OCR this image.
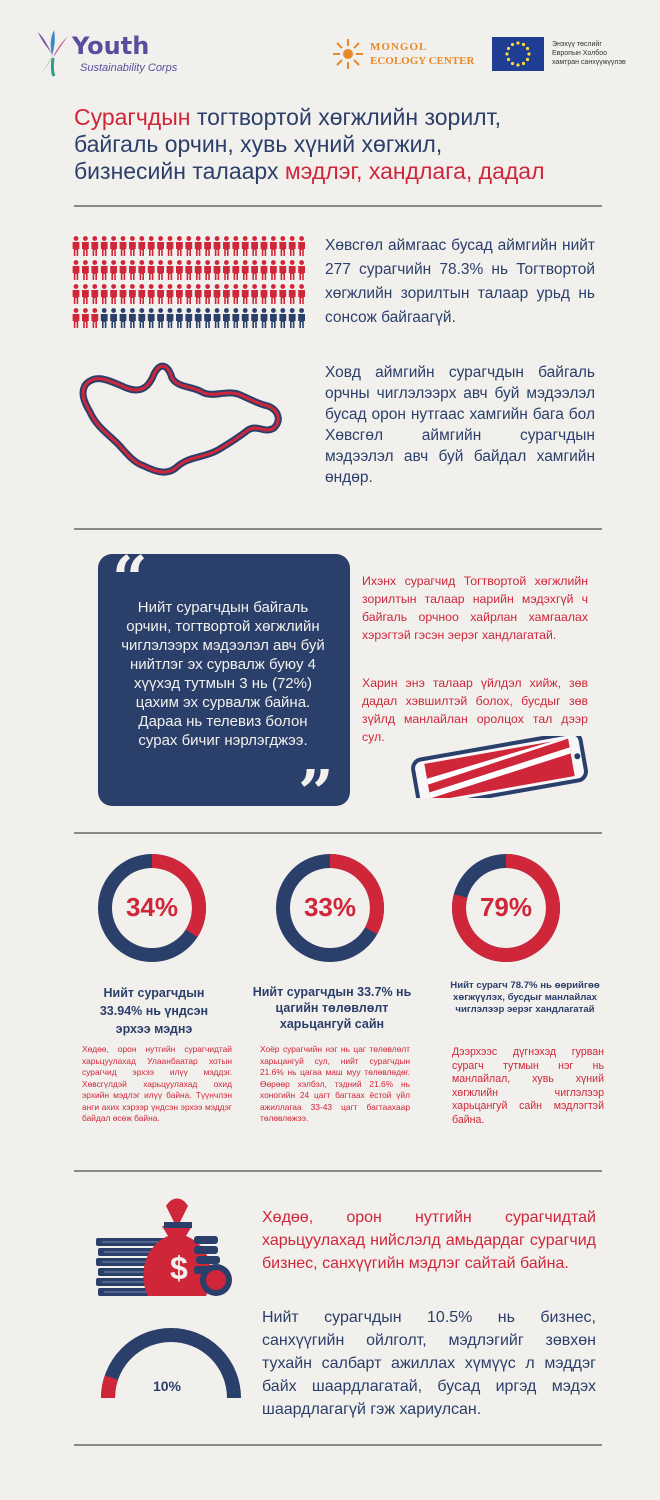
Youth
Sustainability Corps
MONGOL
ECOLOGY CENTER
Энэхүү төслийг
Европын Холбоо
хамтран санхүүжүүлэв
Сурагчдын тогтвортой хөгжлийн зорилт,
байгаль орчин, хувь хүний хөгжил,
бизнесийн талаарх мэдлэг, хандлага, дадал
Хөвсгөл аймгаас бусад аймгийн нийт 277 сурагчийн 78.3% нь Тогтвортой хөгжлийн зорилтын талаар урьд нь сонсож байгаагүй.
Ховд аймгийн сурагчдын байгаль орчны чиглэлээрх авч буй мэдээлэл бусад орон нутгаас хамгийн бага бол Хөвсгөл аймгийн сурагчдын мэдээлэл авч буй байдал хамгийн өндөр.
“
Нийт сурагчдын байгаль орчин, тогтвортой хөгжлийн чиглэлээрх мэдээлэл авч буй нийтлэг эх сурвалж буюу 4 хүүхэд тутмын 3 нь (72%) цахим эх сурвалж байна. Дараа нь телевиз болон сурах бичиг нэрлэгджээ.
”
Ихэнх сурагчид Тогтвортой хөгжлийн зорилтын талаар нарийн мэдэхгүй ч байгаль орчноо хайрлан хамгаалах хэрэгтэй гэсэн эерэг хандлагатай.
Харин энэ талаар үйлдэл хийж, зөв дадал хэвшилтэй болох, бусдыг зөв зүйлд манлайлан оролцох тал дээр сул.
34%
Нийт сурагчдын 33.94% нь үндсэн эрхээ мэднэ
Хөдөө, орон нутгийн сурагчидтай харьцуулахад Улаанбаатар хотын сурагчид эрхээ илүү мэддэг. Хөвсгүлдэй харьцуулахад охид эрхийн мэдлэг илүү байна. Түүнчлэн анги ахих хэрээр үндсэн эрхээ мэддэг байдал өсөж байна.
33%
Нийт сурагчдын 33.7% нь цагийн төлөвлөлт харьцангуй сайн
Хоёр сурагчийн нэг нь цаг төлөвлөлт харьцангуй сул, нийт сурагчдын 21.6% нь цагаа маш муу төлөвлөдөг. Өөрөөр хэлбэл, тэдний 21.6% нь хоногийн 24 цагт багтаах ёстой үйл ажиллагаа 33-43 цагт багтаахаар төлөвлөжээ.
79%
Нийт сурагч 78.7% нь өөрийгөө хөгжүүлэх, бусдыг манлайлах чиглэлээр эерэг хандлагатай
Дээрхээс дүгнэхэд гурван сурагч тутмын нэг нь манлайлал, хувь хүний хөгжлийн чиглэлээр харьцангуй сайн мэдлэгтэй байна.
$
Хөдөө, орон нутгийн сурагчидтай харьцуулахад нийслэлд амьдардаг сурагчид бизнес, санхүүгийн мэдлэг сайтай байна.
Нийт сурагчдын 10.5% нь бизнес, санхүүгийн ойлголт, мэдлэгийг зөвхөн тухайн салбарт ажиллах хүмүүс л мэддэг байх шаардлагатай, бусад иргэд мэдэх шаардлагагүй гэж хариулсан.
10%
